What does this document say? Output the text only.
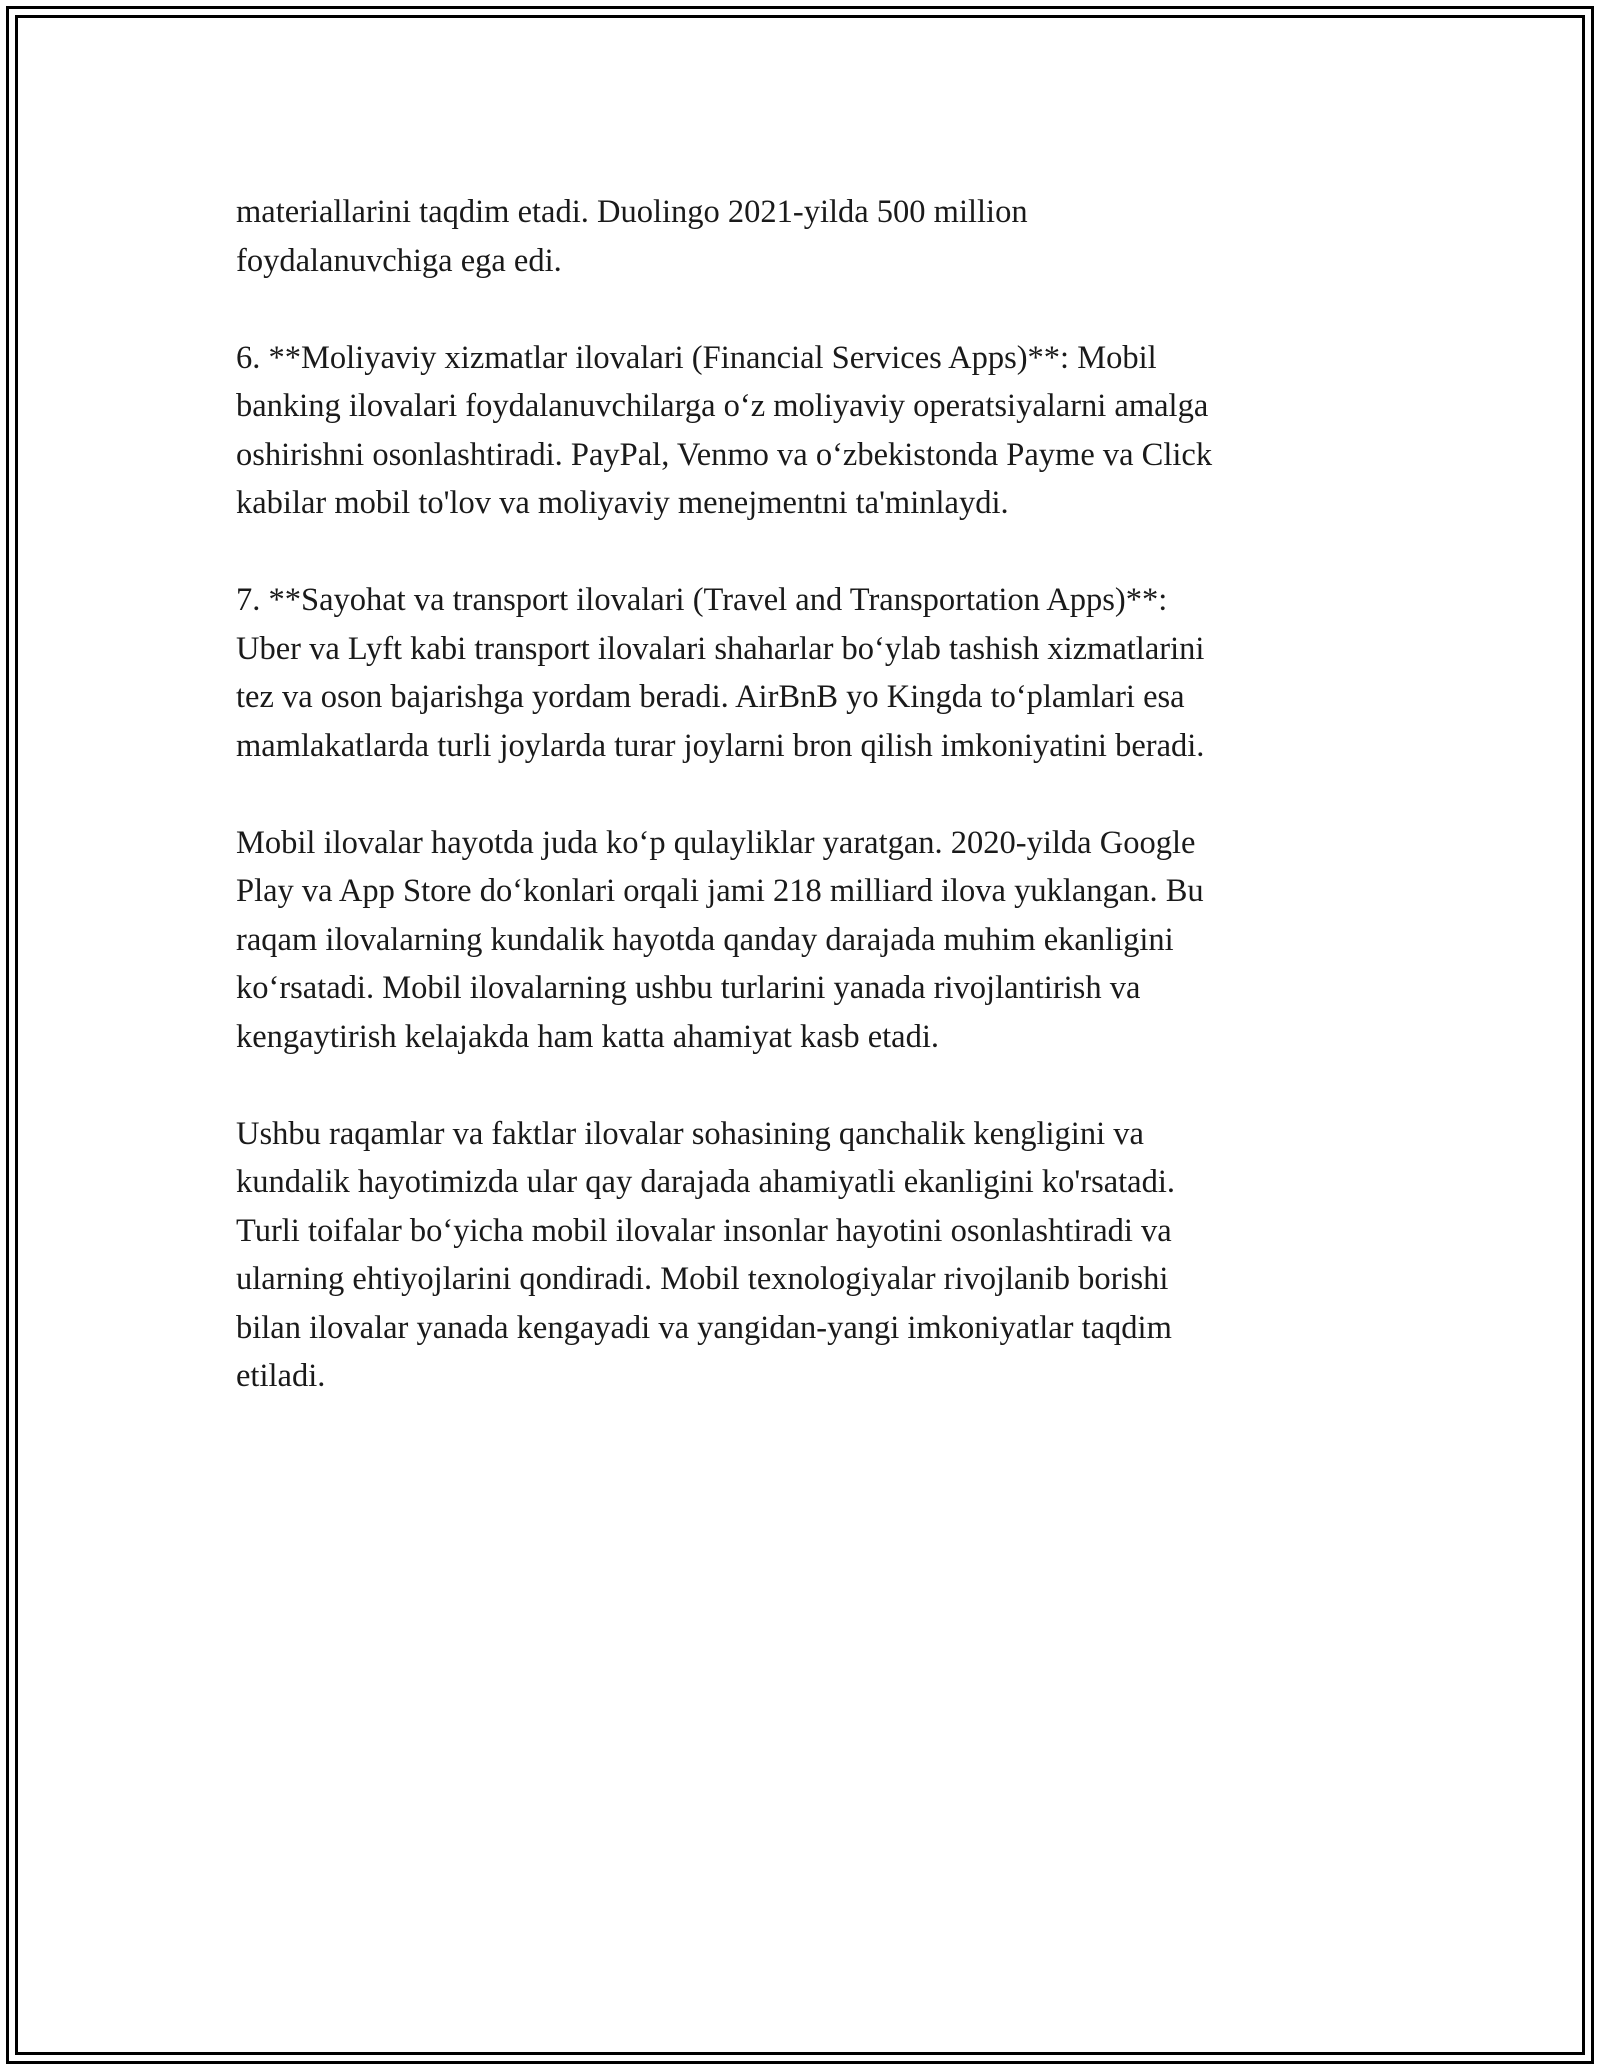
materiallarini taqdim etadi. Duolingo 2021-yilda 500 million
foydalanuvchiga ega edi.

6. **Moliyaviy xizmatlar ilovalari (Financial Services Apps)**: Mobil
banking ilovalari foydalanuvchilarga o‘z moliyaviy operatsiyalarni amalga
oshirishni osonlashtiradi. PayPal, Venmo va o‘zbekistonda Payme va Click
kabilar mobil to'lov va moliyaviy menejmentni ta'minlaydi.

7. **Sayohat va transport ilovalari (Travel and Transportation Apps)**:
Uber va Lyft kabi transport ilovalari shaharlar bo‘ylab tashish xizmatlarini
tez va oson bajarishga yordam beradi. AirBnB yo Kingda to‘plamlari esa
mamlakatlarda turli joylarda turar joylarni bron qilish imkoniyatini beradi.

Mobil ilovalar hayotda juda ko‘p qulayliklar yaratgan. 2020-yilda Google
Play va App Store do‘konlari orqali jami 218 milliard ilova yuklangan. Bu
raqam ilovalarning kundalik hayotda qanday darajada muhim ekanligini
ko‘rsatadi. Mobil ilovalarning ushbu turlarini yanada rivojlantirish va
kengaytirish kelajakda ham katta ahamiyat kasb etadi.

Ushbu raqamlar va faktlar ilovalar sohasining qanchalik kengligini va
kundalik hayotimizda ular qay darajada ahamiyatli ekanligini ko'rsatadi.
Turli toifalar bo‘yicha mobil ilovalar insonlar hayotini osonlashtiradi va
ularning ehtiyojlarini qondiradi. Mobil texnologiyalar rivojlanib borishi
bilan ilovalar yanada kengayadi va yangidan-yangi imkoniyatlar taqdim
etiladi.
